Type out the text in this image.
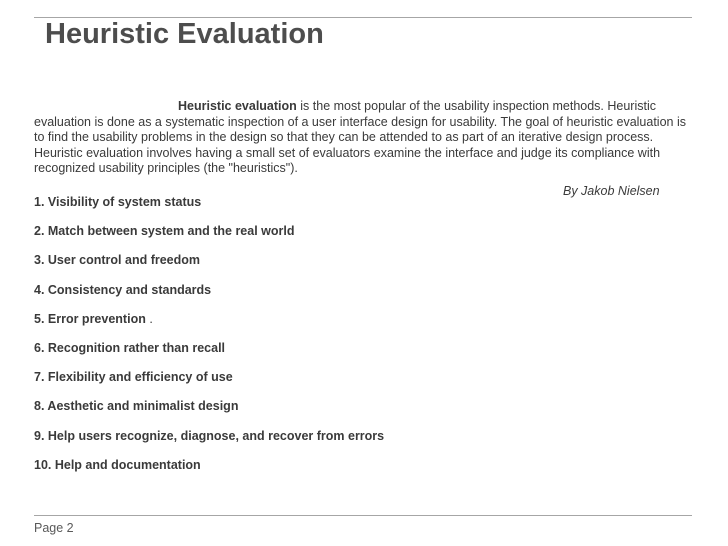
Heuristic Evaluation

Heuristic evaluation is the most popular of the usability inspection methods. Heuristic evaluation is done as a systematic inspection of a user interface design for usability. The goal of heuristic evaluation is to find the usability problems in the design so that they can be attended to as part of an iterative design process. Heuristic evaluation involves having a small set of evaluators examine the interface and judge its compliance with recognized usability principles (the "heuristics").

By Jakob Nielsen
1. Visibility of system status
2. Match between system and the real world
3. User control and freedom
4. Consistency and standards
5. Error prevention .
6. Recognition rather than recall
7. Flexibility and efficiency of use
8. Aesthetic and minimalist design
9. Help users recognize, diagnose, and recover from errors
10. Help and documentation
Page 2
